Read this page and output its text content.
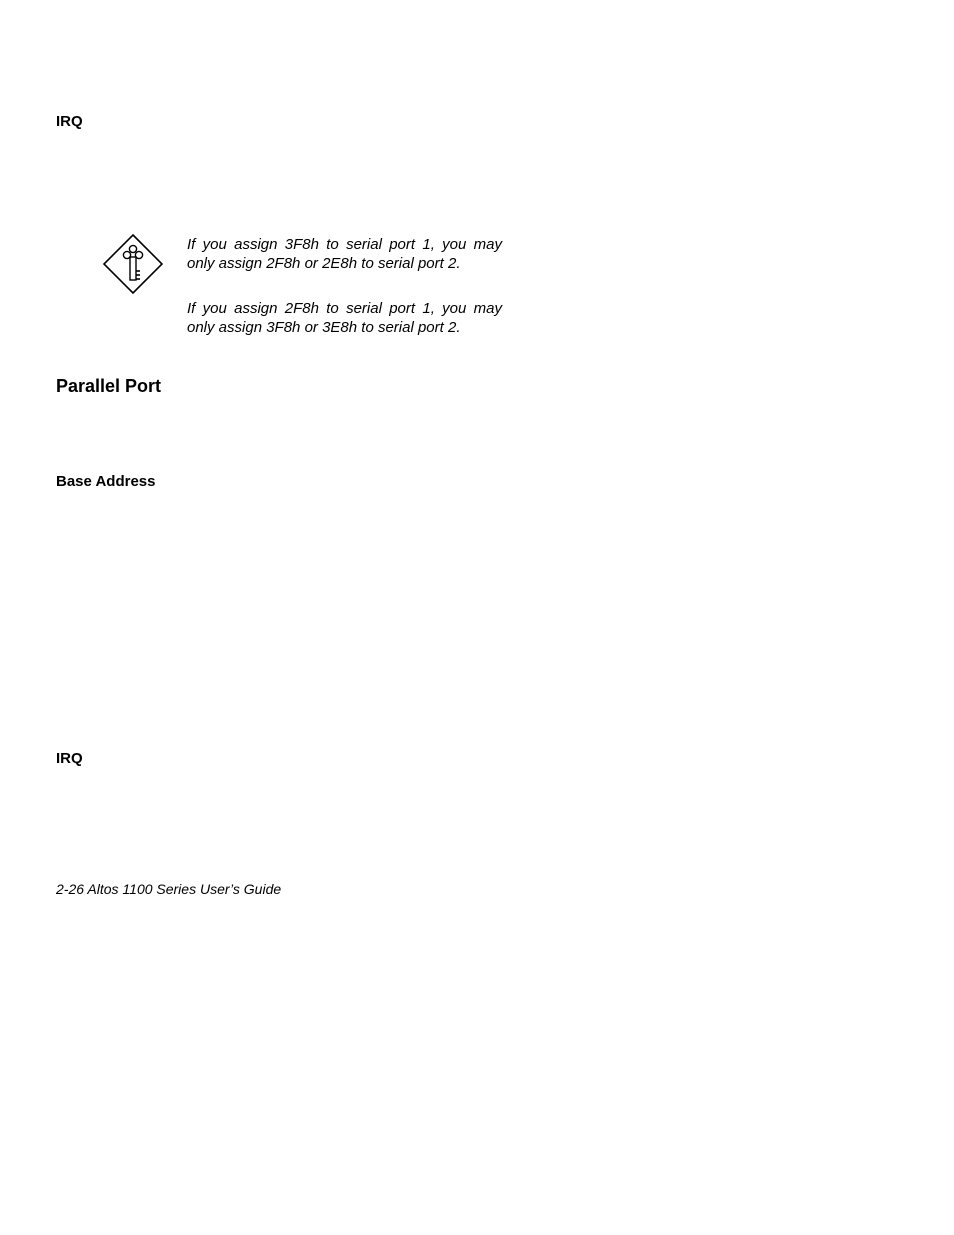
IRQ
If you assign 3F8h to serial port 1, you may only assign 2F8h or 2E8h to serial port 2.
If you assign 2F8h to serial port 1, you may only assign 3F8h or 3E8h to serial port 2.
Parallel Port
Base Address
IRQ
2-26 Altos 1100 Series User’s Guide
